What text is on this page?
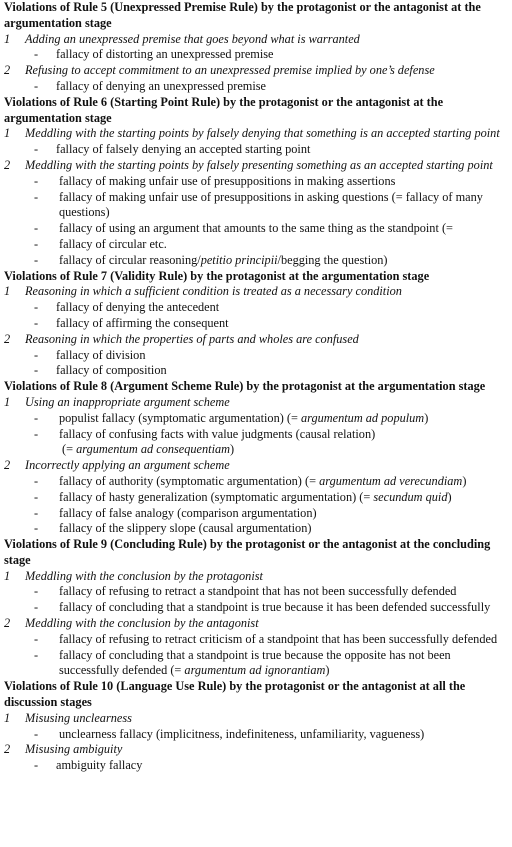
Violations of Rule 5 (Unexpressed Premise Rule) by the protagonist or the antagonist at the argumentation stage
1 Adding an unexpressed premise that goes beyond what is warranted
- fallacy of distorting an unexpressed premise
2 Refusing to accept commitment to an unexpressed premise implied by one’s defense
- fallacy of denying an unexpressed premise
Violations of Rule 6 (Starting Point Rule) by the protagonist or the antagonist at the argumentation stage
1 Meddling with the starting points by falsely denying that something is an accepted starting point
- fallacy of falsely denying an accepted starting point
2 Meddling with the starting points by falsely presenting something as an accepted starting point
- fallacy of making unfair use of presuppositions in making assertions
- fallacy of making unfair use of presuppositions in asking questions (= fallacy of many questions)
- fallacy of using an argument that amounts to the same thing as the standpoint (=
- fallacy of circular etc.
- fallacy of circular reasoning/petitio principii/begging the question)
Violations of Rule 7 (Validity Rule) by the protagonist at the argumentation stage
1 Reasoning in which a sufficient condition is treated as a necessary condition
- fallacy of denying the antecedent
- fallacy of affirming the consequent
2 Reasoning in which the properties of parts and wholes are confused
- fallacy of division
- fallacy of composition
Violations of Rule 8 (Argument Scheme Rule) by the protagonist at the argumentation stage
1 Using an inappropriate argument scheme
- populist fallacy (symptomatic argumentation) (= argumentum ad populum)
- fallacy of confusing facts with value judgments (causal relation)
(= argumentum ad consequentiam)
2 Incorrectly applying an argument scheme
- fallacy of authority (symptomatic argumentation) (= argumentum ad verecundiam)
- fallacy of hasty generalization (symptomatic argumentation) (= secundum quid)
- fallacy of false analogy (comparison argumentation)
- fallacy of the slippery slope (causal argumentation)
Violations of Rule 9 (Concluding Rule) by the protagonist or the antagonist at the concluding stage
1 Meddling with the conclusion by the protagonist
- fallacy of refusing to retract a standpoint that has not been successfully defended
- fallacy of concluding that a standpoint is true because it has been defended successfully
2 Meddling with the conclusion by the antagonist
- fallacy of refusing to retract criticism of a standpoint that has been successfully defended
- fallacy of concluding that a standpoint is true because the opposite has not been successfully defended (= argumentum ad ignorantiam)
Violations of Rule 10 (Language Use Rule) by the protagonist or the antagonist at all the discussion stages
1 Misusing unclearness
- unclearness fallacy (implicitness, indefiniteness, unfamiliarity, vagueness)
2 Misusing ambiguity
- ambiguity fallacy
